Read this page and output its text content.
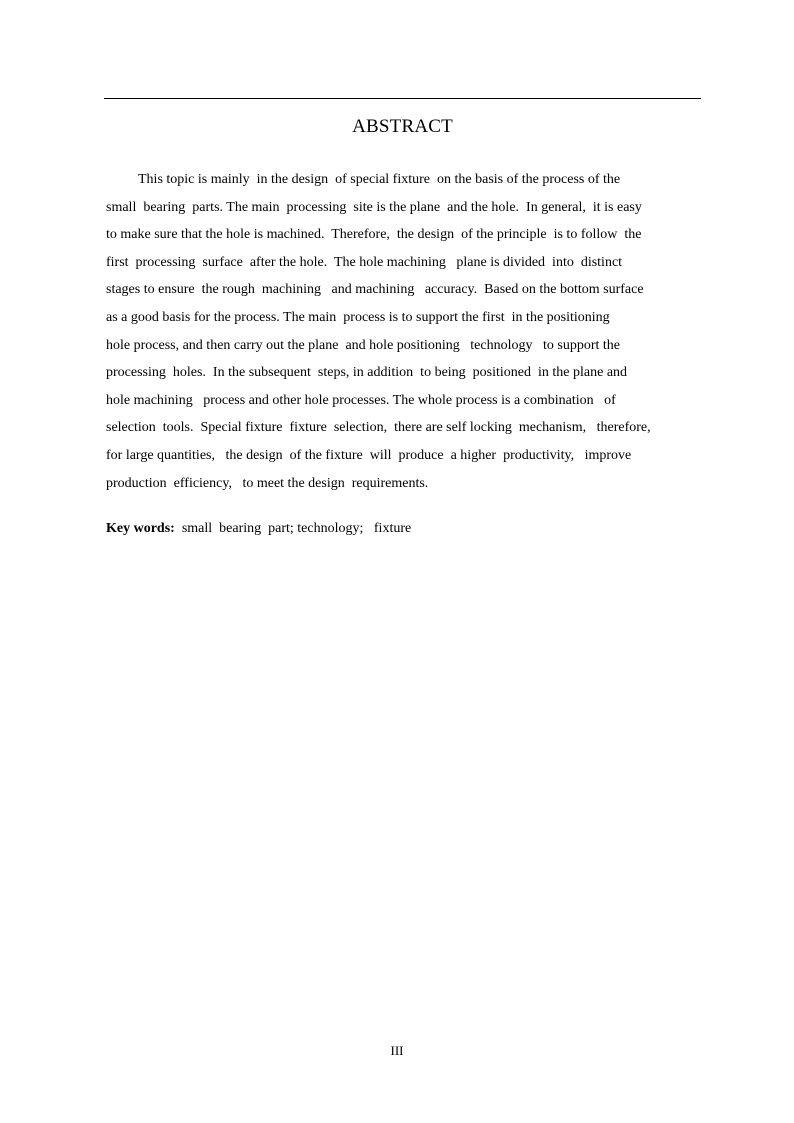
ABSTRACT
This topic is mainly  in the design  of special fixture  on the basis of the process of the
small  bearing  parts. The main  processing  site is the plane  and the hole.  In general,  it is easy
to make sure that the hole is machined.  Therefore,  the design  of the principle  is to follow  the
first  processing  surface  after the hole.  The hole machining   plane is divided  into  distinct
stages to ensure  the rough  machining   and machining   accuracy.  Based on the bottom surface
as a good basis for the process. The main  process is to support the first  in the positioning
hole process, and then carry out the plane  and hole positioning   technology   to support the
processing  holes.  In the subsequent  steps, in addition  to being  positioned  in the plane and
hole machining   process and other hole processes. The whole process is a combination   of
selection  tools.  Special fixture  fixture  selection,  there are self locking  mechanism,   therefore,
for large quantities,   the design  of the fixture  will  produce  a higher  productivity,   improve
production  efficiency,   to meet the design  requirements.
Key words:  small  bearing  part; technology;   fixture
III
